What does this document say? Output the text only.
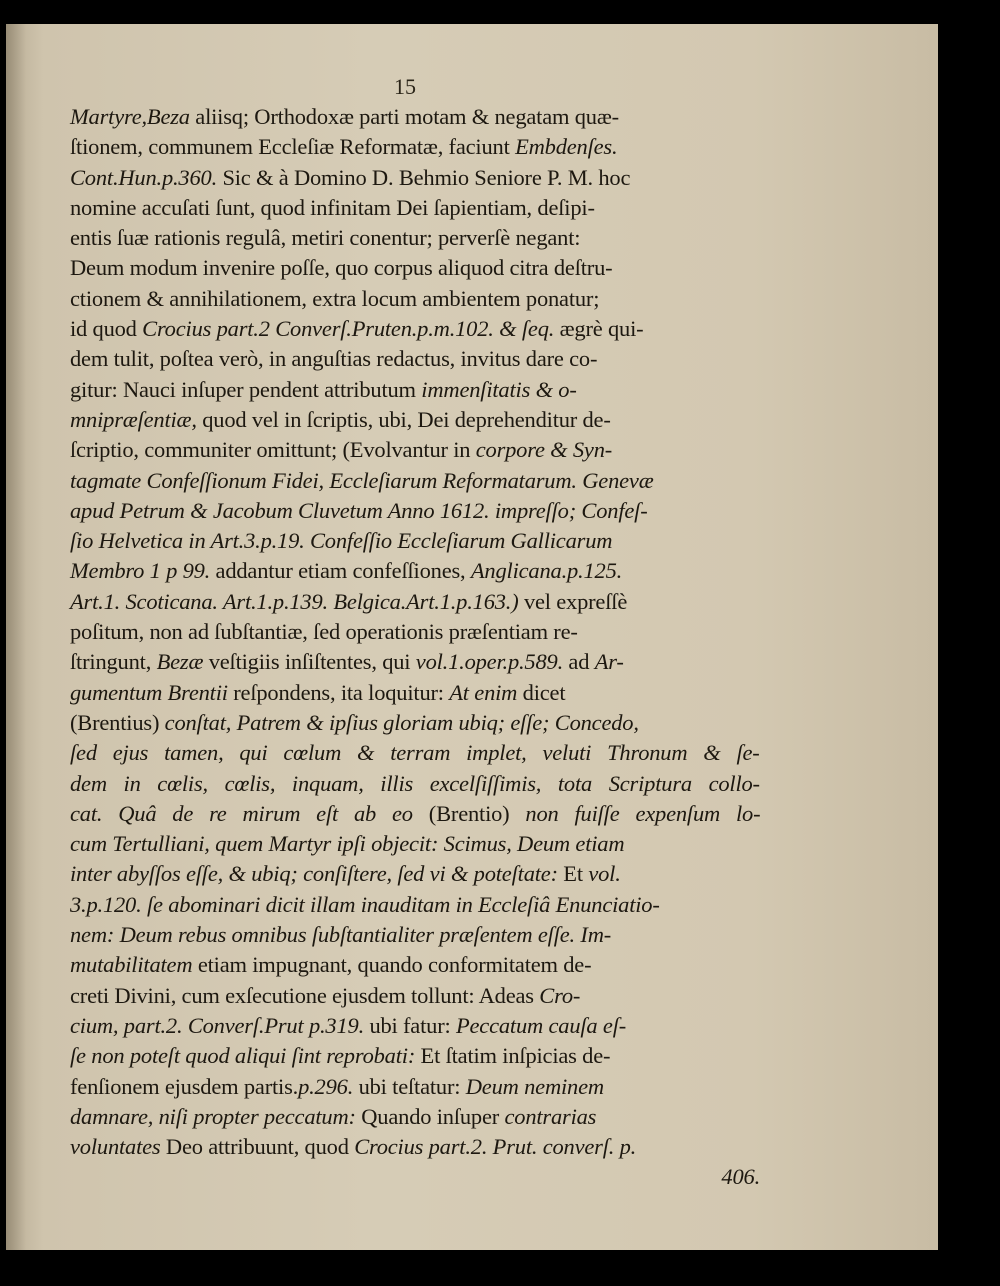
15
Martyre,Beza aliisq; Orthodoxæ parti motam & negatam quæ-
ſtionem, communem Eccleſiæ Reformatæ, faciunt Embdenſes.
Cont.Hun.p.360. Sic & à Domino D. Behmio Seniore P. M. hoc
nomine accuſati ſunt, quod infinitam Dei ſapientiam, deſipi-
entis ſuæ rationis regulâ, metiri conentur; perverſè negant:
Deum modum invenire poſſe, quo corpus aliquod citra deſtru-
ctionem & annihilationem, extra locum ambientem ponatur;
id quod Crocius part.2 Converſ.Pruten.p.m.102. & ſeq. ægrè qui-
dem tulit, poſtea verò, in anguſtias redactus, invitus dare co-
gitur: Nauci inſuper pendent attributum immenſitatis & o-
mnipræſentiæ, quod vel in ſcriptis, ubi, Dei deprehenditur de-
ſcriptio, communiter omittunt; (Evolvantur in corpore & Syn-
tagmate Confeſſionum Fidei, Eccleſiarum Reformatarum. Genevæ
apud Petrum & Jacobum Cluvetum Anno 1612. impreſſo; Confeſ-
ſio Helvetica in Art.3.p.19. Confeſſio Eccleſiarum Gallicarum
Membro 1 p 99. addantur etiam confeſſiones, Anglicana.p.125.
Art.1. Scoticana. Art.1.p.139. Belgica.Art.1.p.163.) vel expreſſè
poſitum, non ad ſubſtantiæ, ſed operationis præſentiam re-
ſtringunt, Bezæ veſtigiis inſiſtentes, qui vol.1.oper.p.589. ad Ar-
gumentum Brentii reſpondens, ita loquitur: At enim dicet
(Brentius) conſtat, Patrem & ipſius gloriam ubiq; eſſe; Concedo,
ſed ejus tamen, qui cœlum & terram implet, veluti Thronum & ſe-
dem in cœlis, cœlis, inquam, illis excelſiſſimis, tota Scriptura collo-
cat. Quâ de re mirum eſt ab eo (Brentio) non fuiſſe expenſum lo-
cum Tertulliani, quem Martyr ipſi objecit: Scimus, Deum etiam
inter abyſſos eſſe, & ubiq; conſiſtere, ſed vi & poteſtate: Et vol.
3.p.120. ſe abominari dicit illam inauditam in Eccleſiâ Enunciatio-
nem: Deum rebus omnibus ſubſtantialiter præſentem eſſe. Im-
mutabilitatem etiam impugnant, quando conformitatem de-
creti Divini, cum exſecutione ejusdem tollunt: Adeas Cro-
cium, part.2. Converſ.Prut p.319. ubi fatur: Peccatum cauſa eſ-
ſe non poteſt quod aliqui ſint reprobati: Et ſtatim inſpicias de-
fenſionem ejusdem partis.p.296. ubi teſtatur: Deum neminem
damnare, niſi propter peccatum: Quando inſuper contrarias
voluntates Deo attribuunt, quod Crocius part.2. Prut. converſ. p.
406.
